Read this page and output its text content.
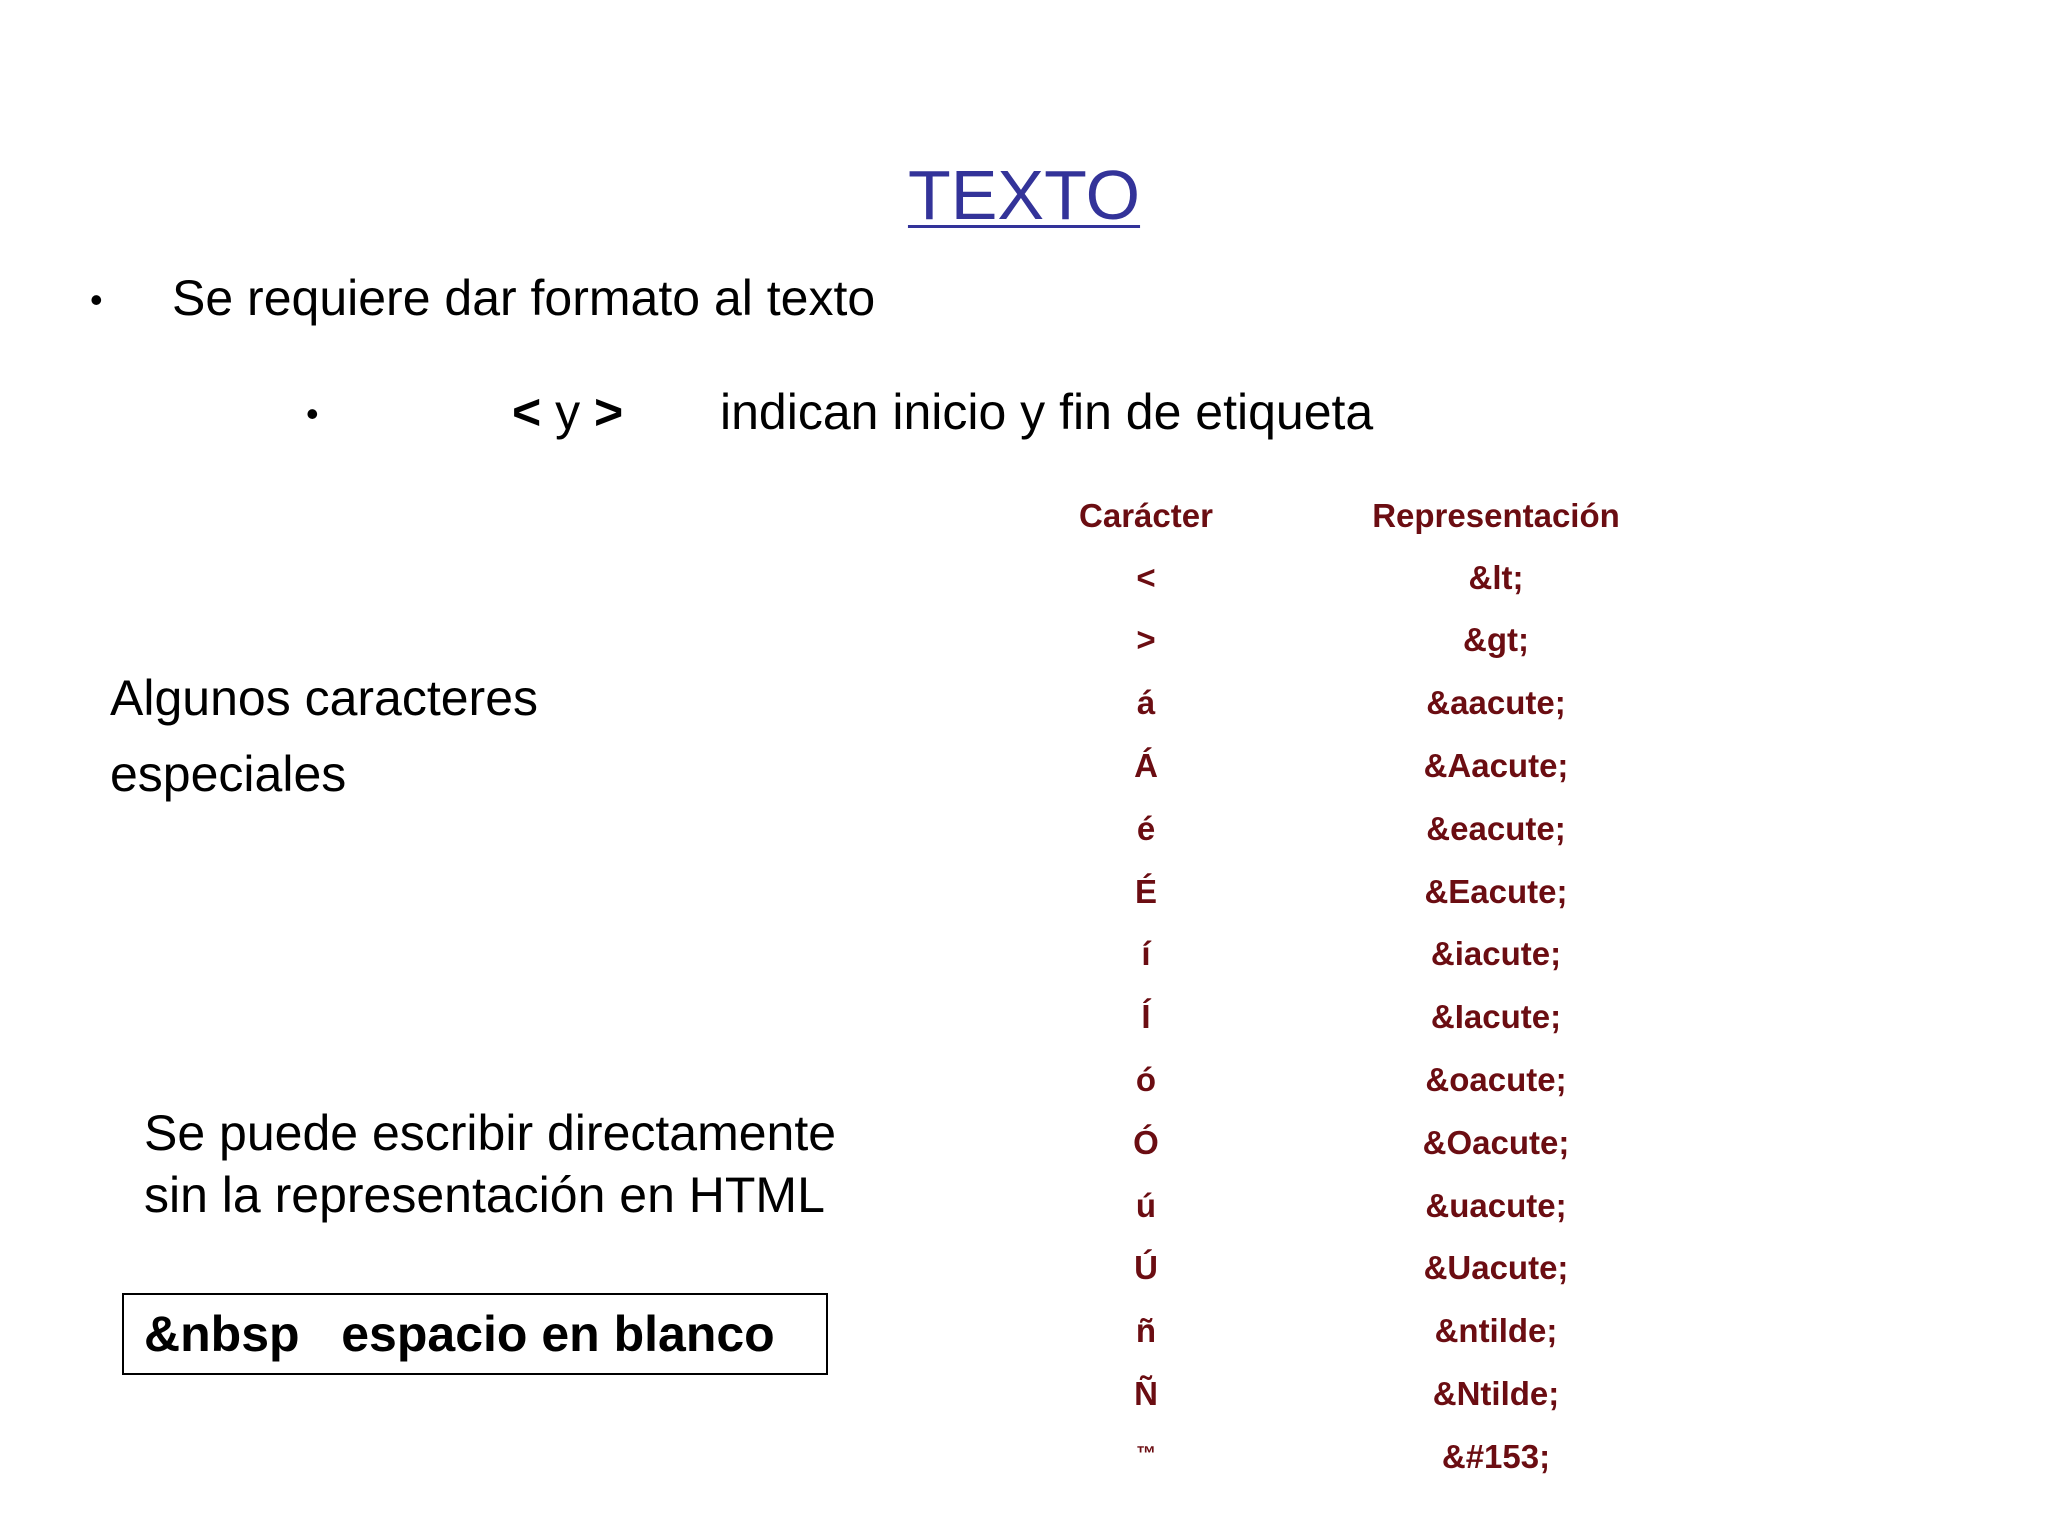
TEXTO
• Se requiere dar formato al texto
•	< y > indican inicio y fin de etiqueta
Algunos caracteres
especiales
Se puede escribir directamente
sin la representación en HTML
&nbsp espacio en blanco
Carácter	Representación
<	&lt;
>	&gt;
á	&aacute;
Á	&Aacute;
é	&eacute;
É	&Eacute;
í	&iacute;
Í	&Iacute;
ó	&oacute;
Ó	&Oacute;
ú	&uacute;
Ú	&Uacute;
ñ	&ntilde;
Ñ	&Ntilde;
™	&#153;
